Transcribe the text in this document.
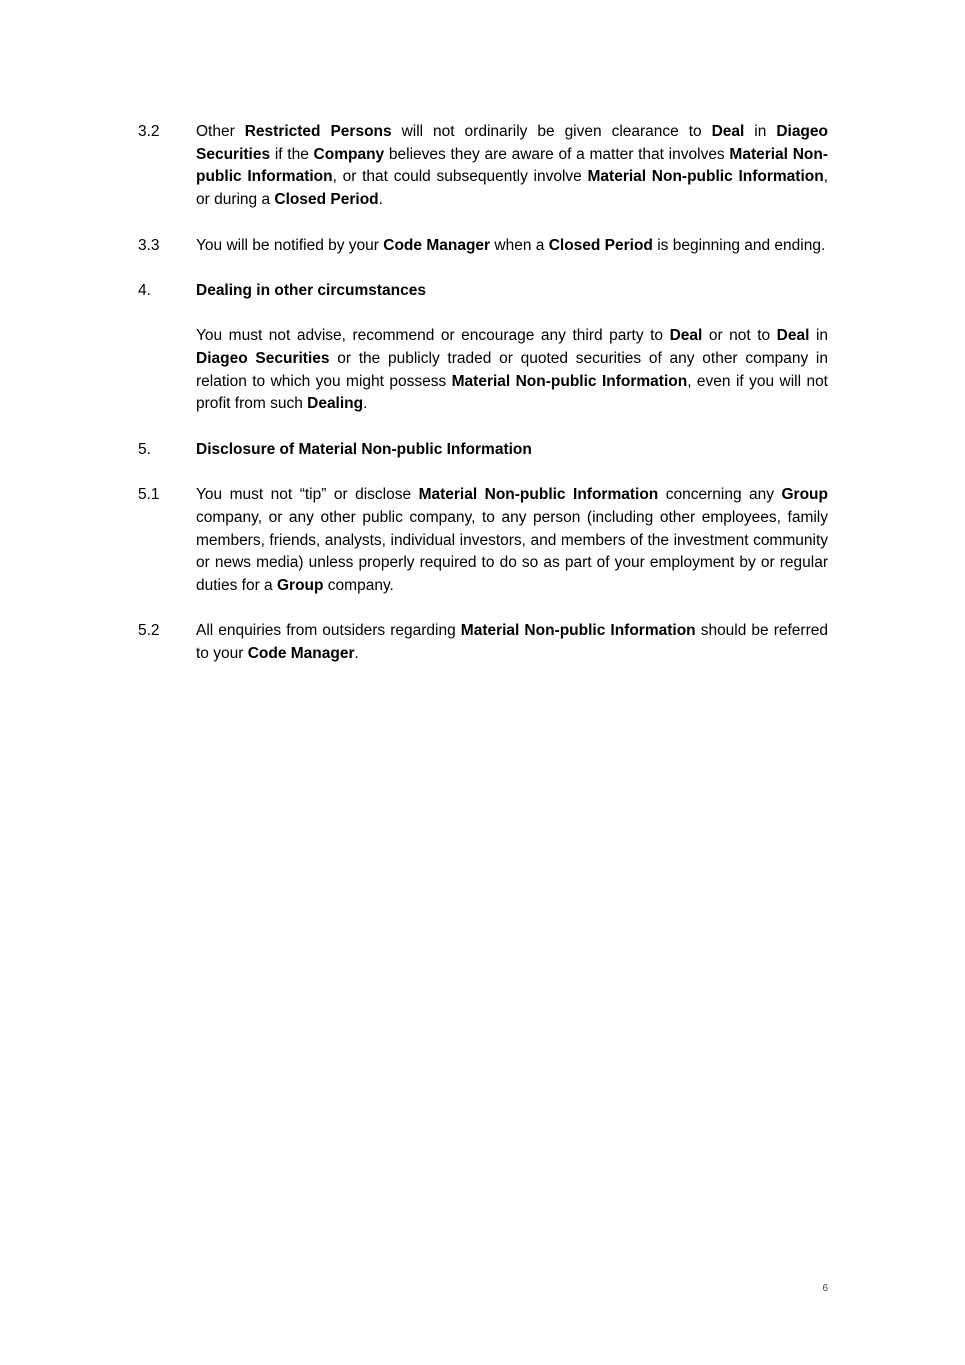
3.2	Other Restricted Persons will not ordinarily be given clearance to Deal in Diageo Securities if the Company believes they are aware of a matter that involves Material Non-public Information, or that could subsequently involve Material Non-public Information, or during a Closed Period.
3.3	You will be notified by your Code Manager when a Closed Period is beginning and ending.
4.	Dealing in other circumstances
You must not advise, recommend or encourage any third party to Deal or not to Deal in Diageo Securities or the publicly traded or quoted securities of any other company in relation to which you might possess Material Non-public Information, even if you will not profit from such Dealing.
5.	Disclosure of Material Non-public Information
5.1	You must not “tip” or disclose Material Non-public Information concerning any Group company, or any other public company, to any person (including other employees, family members, friends, analysts, individual investors, and members of the investment community or news media) unless properly required to do so as part of your employment by or regular duties for a Group company.
5.2	All enquiries from outsiders regarding Material Non-public Information should be referred to your Code Manager.
6
